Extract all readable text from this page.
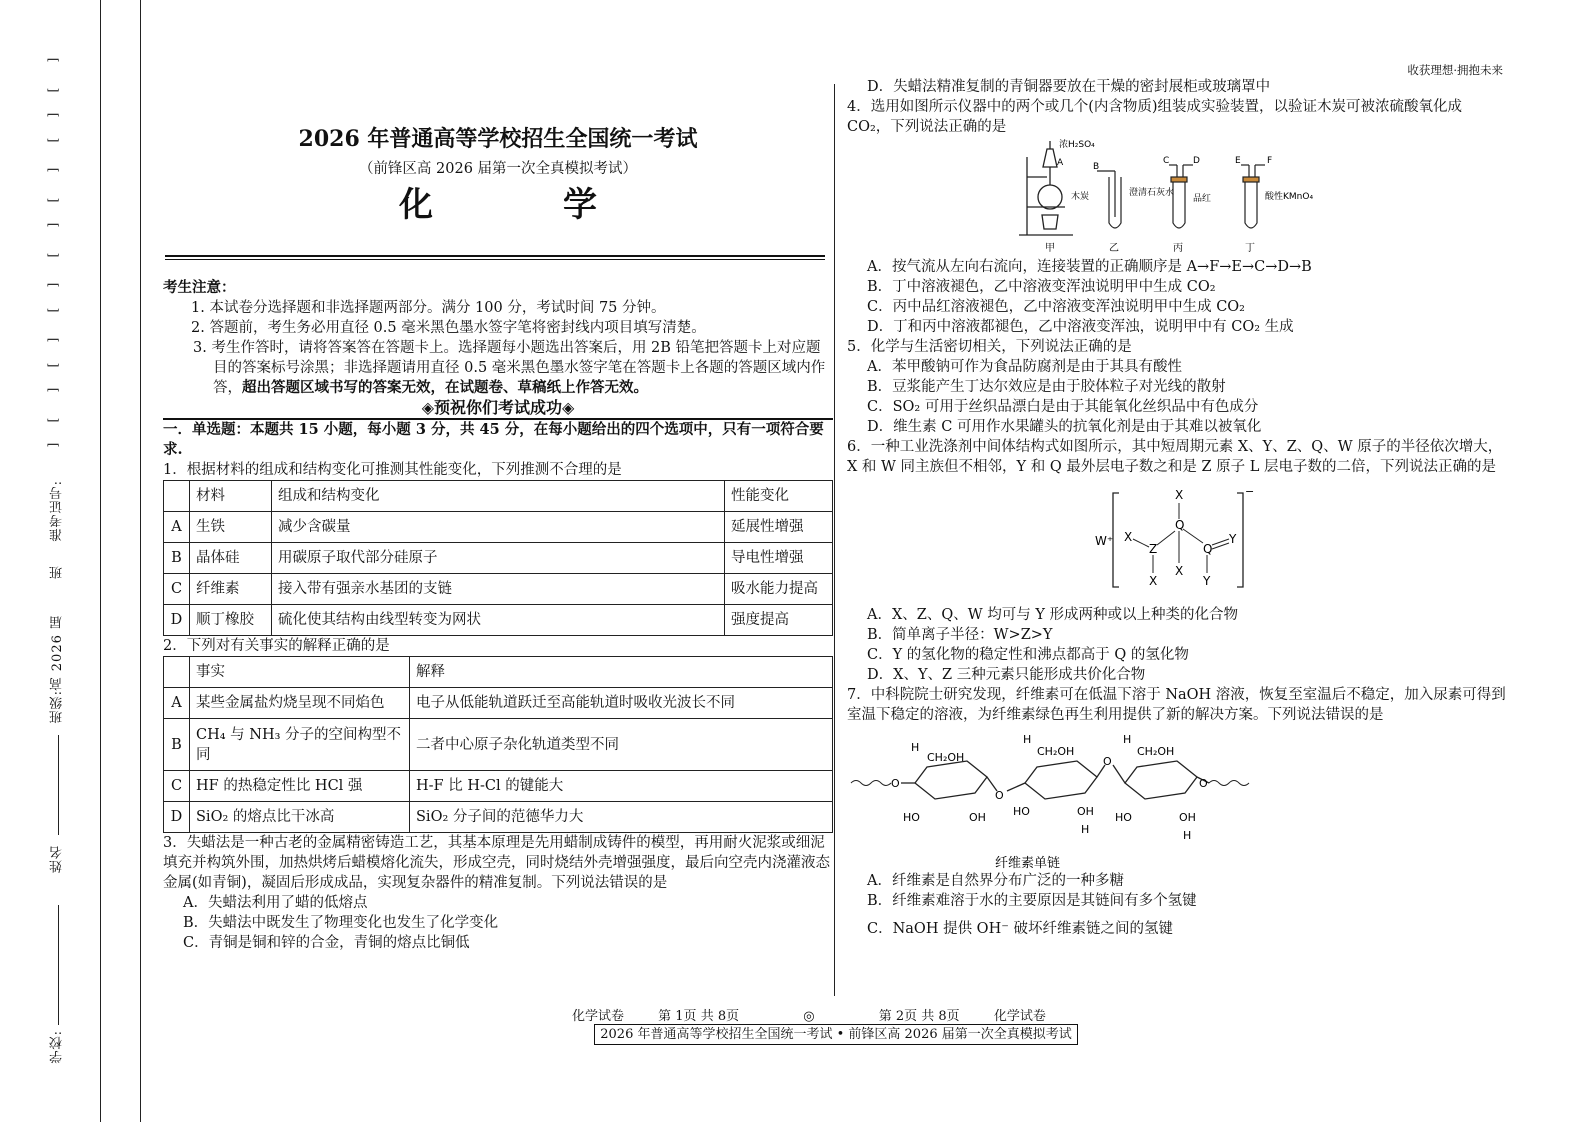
学校:
姓名
班级:
高 2026 届
班
准考证号:
]
[
]
[
]
[
]
[
]
[
]
[
]
[
]
收获理想·拥抱未来
2026 年普通高等学校招生全国统一考试
（前锋区高 2026 届第一次全真模拟考试）
化　学
考生注意：
1. 本试卷分选择题和非选择题两部分。满分 100 分，考试时间 75 分钟。
2. 答题前，考生务必用直径 0.5 毫米黑色墨水签字笔将密封线内项目填写清楚。
3. 考生作答时，请将答案答在答题卡上。选择题每小题选出答案后，用 2B 铅笔把答题卡上对应题目的答案标号涂黑；非选择题请用直径 0.5 毫米黑色墨水签字笔在答题卡上各题的答题区域内作答，超出答题区域书写的答案无效，在试题卷、草稿纸上作答无效。
◈预祝你们考试成功◈
一．单选题：本题共 15 小题，每小题 3 分，共 45 分，在每小题给出的四个选项中，只有一项符合要求.
1．根据材料的组成和结构变化可推测其性能变化，下列推测不合理的是
	材料	组成和结构变化	性能变化
A	生铁	减少含碳量	延展性增强
B	晶体硅	用碳原子取代部分硅原子	导电性增强
C	纤维素	接入带有强亲水基团的支链	吸水能力提高
D	顺丁橡胶	硫化使其结构由线型转变为网状	强度提高
2．下列对有关事实的解释正确的是
	事实	解释
A	某些金属盐灼烧呈现不同焰色	电子从低能轨道跃迁至高能轨道时吸收光波长不同
B	CH₄ 与 NH₃ 分子的空间构型不同	二者中心原子杂化轨道类型不同
C	HF 的热稳定性比 HCl 强	H-F 比 H-Cl 的键能大
D	SiO₂ 的熔点比干冰高	SiO₂ 分子间的范德华力大
3．失蜡法是一种古老的金属精密铸造工艺，其基本原理是先用蜡制成铸件的模型，再用耐火泥浆或细泥填充并构筑外围，加热烘烤后蜡模熔化流失，形成空壳，同时烧结外壳增强强度，最后向空壳内浇灌液态金属(如青铜)，凝固后形成成品，实现复杂器件的精准复制。下列说法错误的是
A．失蜡法利用了蜡的低熔点
B．失蜡法中既发生了物理变化也发生了化学变化
C．青铜是铜和锌的合金，青铜的熔点比铜低
D．失蜡法精准复制的青铜器要放在干燥的密封展柜或玻璃罩中
4．选用如图所示仪器中的两个或几个(内含物质)组装成实验装置，以验证木炭可被浓硫酸氧化成 CO₂，下列说法正确的是
浓H₂SO₄
A
木炭
甲
B
澄清石灰水
乙
C	D
品红
丙
E	F
酸性KMnO₄
丁
A．按气流从左向右流向，连接装置的正确顺序是 A→F→E→C→D→B
B．丁中溶液褪色，乙中溶液变浑浊说明甲中生成 CO₂
C．丙中品红溶液褪色，乙中溶液变浑浊说明甲中生成 CO₂
D．丁和丙中溶液都褪色，乙中溶液变浑浊，说明甲中有 CO₂ 生成
5．化学与生活密切相关，下列说法正确的是
A．苯甲酸钠可作为食品防腐剂是由于其具有酸性
B．豆浆能产生丁达尔效应是由于胶体粒子对光线的散射
C．SO₂ 可用于丝织品漂白是由于其能氧化丝织品中有色成分
D．维生素 C 可用作水果罐头的抗氧化剂是由于其难以被氧化
6．一种工业洗涤剂中间体结构式如图所示，其中短周期元素 X、Y、Z、Q、W 原子的半径依次增大，X 和 W 同主族但不相邻，Y 和 Q 最外层电子数之和是 Z 原子 L 层电子数的二倍，下列说法正确的是
W⁺
−
X
Z
X
Q
X
X
Q
Y
Y
A．X、Z、Q、W 均可与 Y 形成两种或以上种类的化合物
B．简单离子半径：W>Z>Y
C．Y 的氢化物的稳定性和沸点都高于 Q 的氢化物
D．X、Y、Z 三种元素只能形成共价化合物
7．中科院院士研究发现，纤维素可在低温下溶于 NaOH 溶液，恢复至室温后不稳定，加入尿素可得到室温下稳定的溶液，为纤维素绿色再生利用提供了新的解决方案。下列说法错误的是
O
H
CH₂OH
HO	OH
O
H
CH₂OH
HO	OH
H
O
H
CH₂OH
HO	OH
H
O
纤维素单链
A．纤维素是自然界分布广泛的一种多糖
B．纤维素难溶于水的主要原因是其链间有多个氢键
C．NaOH 提供 OH⁻ 破坏纤维素链之间的氢键
化学试卷	第 1页 共 8页	◎	第 2页 共 8页	化学试卷
2026 年普通高等学校招生全国统一考试 • 前锋区高 2026 届第一次全真模拟考试
